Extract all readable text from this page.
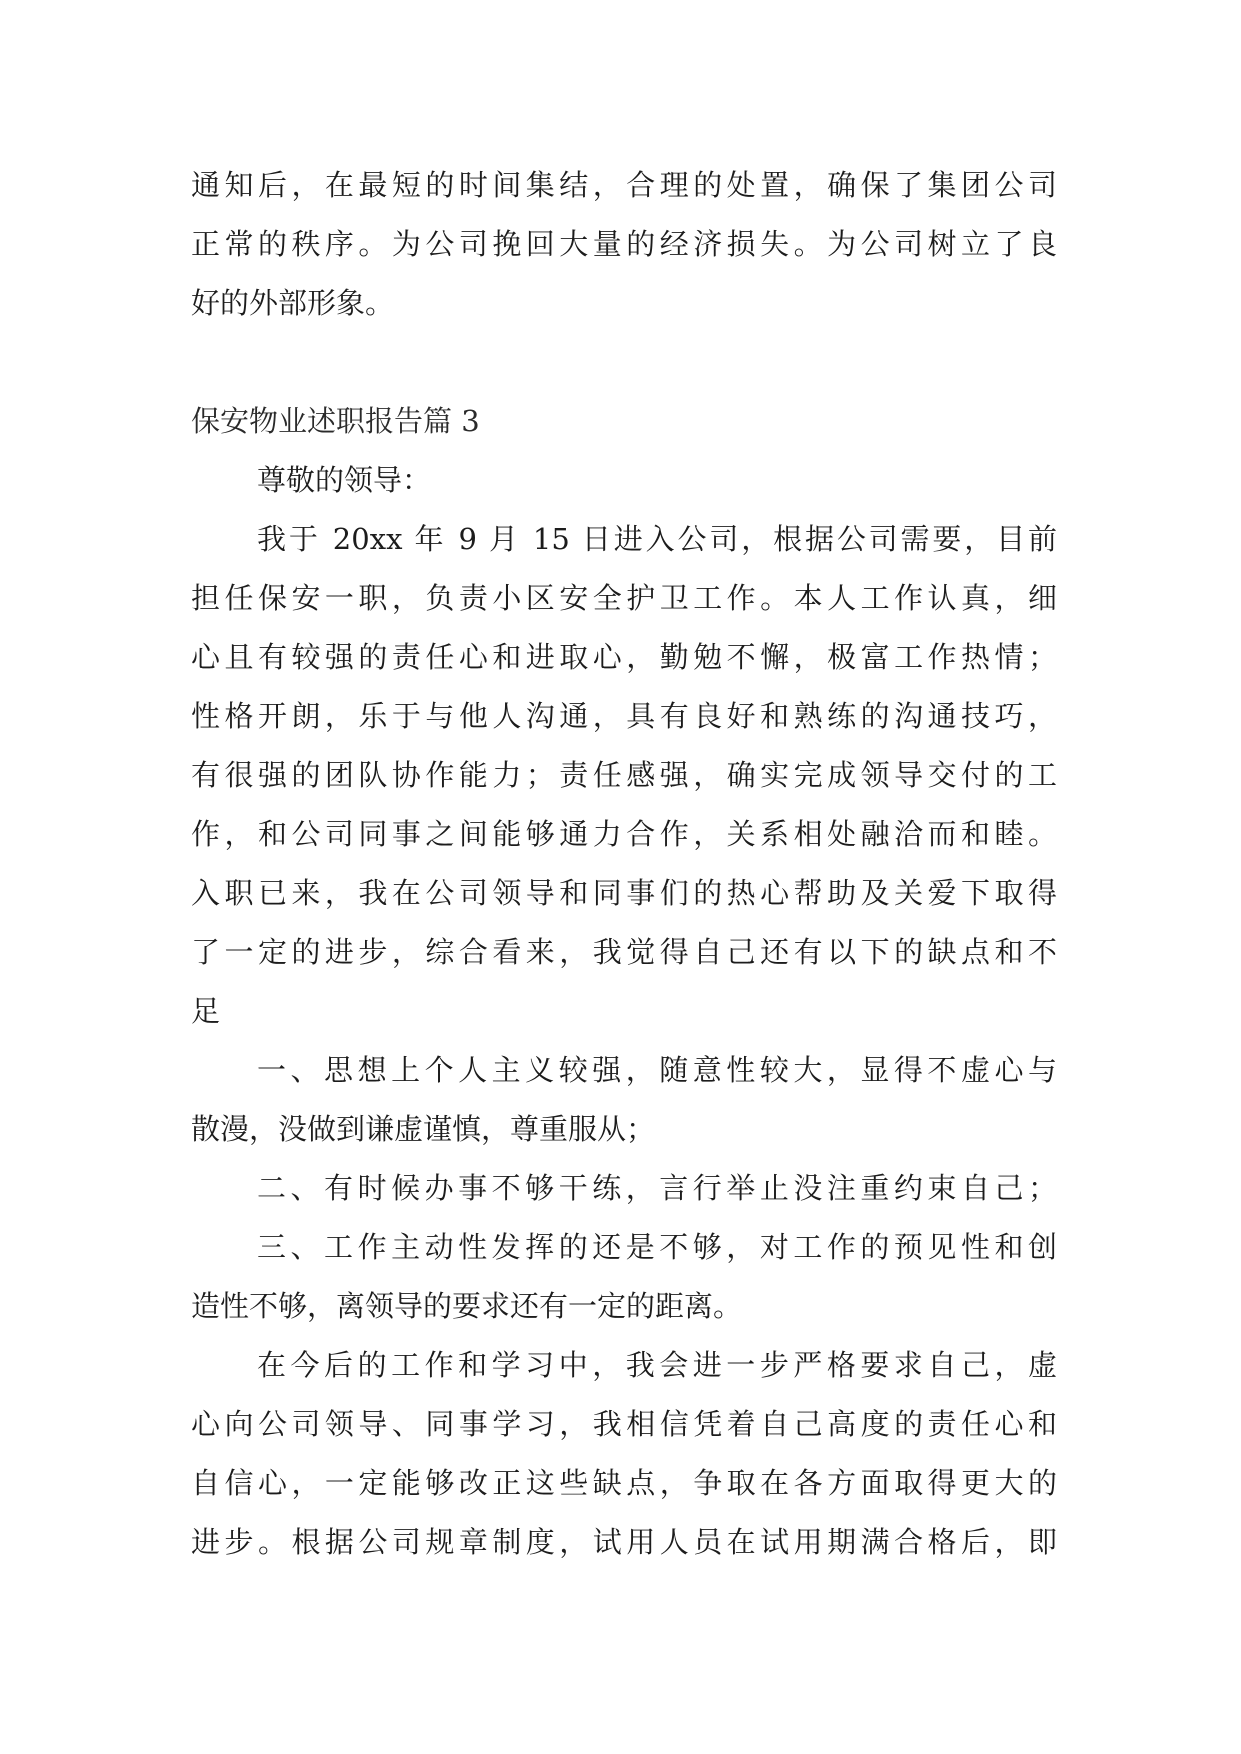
通知后，在最短的时间集结，合理的处置，确保了集团公司
正常的秩序。为公司挽回大量的经济损失。为公司树立了良
好的外部形象。
保安物业述职报告篇 3
尊敬的领导：
我于 20xx 年 9 月 15 日进入公司，根据公司需要，目前
担任保安一职，负责小区安全护卫工作。本人工作认真，细
心且有较强的责任心和进取心，勤勉不懈，极富工作热情；
性格开朗，乐于与他人沟通，具有良好和熟练的沟通技巧，
有很强的团队协作能力；责任感强，确实完成领导交付的工
作，和公司同事之间能够通力合作，关系相处融洽而和睦。
入职已来，我在公司领导和同事们的热心帮助及关爱下取得
了一定的进步，综合看来，我觉得自己还有以下的缺点和不
足
一、思想上个人主义较强，随意性较大，显得不虚心与
散漫，没做到谦虚谨慎，尊重服从；
二、有时候办事不够干练，言行举止没注重约束自己；
三、工作主动性发挥的还是不够，对工作的预见性和创
造性不够，离领导的要求还有一定的距离。
在今后的工作和学习中，我会进一步严格要求自己，虚
心向公司领导、同事学习，我相信凭着自己高度的责任心和
自信心，一定能够改正这些缺点，争取在各方面取得更大的
进步。根据公司规章制度，试用人员在试用期满合格后，即
